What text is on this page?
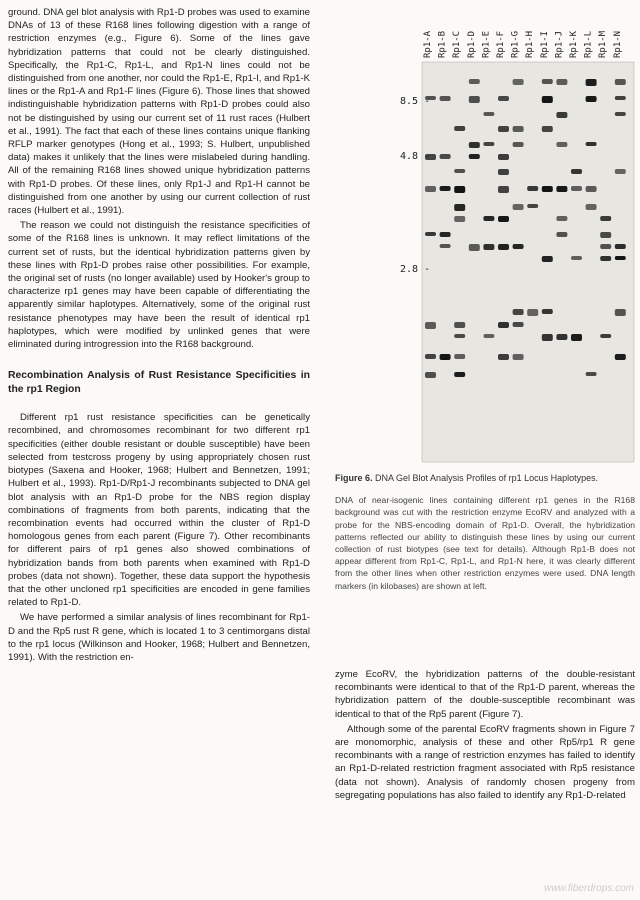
ground. DNA gel blot analysis with Rp1-D probes was used to examine DNAs of 13 of these R168 lines following digestion with a range of restriction enzymes (e.g., Figure 6). Some of the lines gave hybridization patterns that could not be clearly distinguished. Specifically, the Rp1-C, Rp1-L, and Rp1-N lines could not be distinguished from one another, nor could the Rp1-E, Rp1-I, and Rp1-K lines or the Rp1-A and Rp1-F lines (Figure 6). Those lines that showed indistinguishable hybridization patterns with Rp1-D probes could also not be distinguished by using our current set of 11 rust races (Hulbert et al., 1991). The fact that each of these lines contains unique flanking RFLP marker genotypes (Hong et al., 1993; S. Hulbert, unpublished data) makes it unlikely that the lines were mislabeled during handling. All of the remaining R168 lines showed unique hybridization patterns with Rp1-D probes. Of these lines, only Rp1-J and Rp1-H cannot be distinguished from one another by using our current collection of rust races (Hulbert et al., 1991).

The reason we could not distinguish the resistance specificities of some of the R168 lines is unknown. It may reflect limitations of the current set of rusts, but the identical hybridization patterns given by these lines with Rp1-D probes raise other possibilities. For example, the original set of rusts (no longer available) used by Hooker's group to characterize rp1 genes may have been capable of differentiating the apparently similar haplotypes. Alternatively, some of the original rust resistance phenotypes may have been the result of identical rp1 haplotypes, which were modified by unlinked genes that were eliminated during introgression into the R168 background.

Recombination Analysis of Rust Resistance Specificities in the rp1 Region

Different rp1 rust resistance specificities can be genetically recombined, and chromosomes recombinant for two different rp1 specificities (either double resistant or double susceptible) have been selected from testcross progeny by using appropriately chosen rust biotypes (Saxena and Hooker, 1968; Hulbert and Bennetzen, 1991; Hulbert et al., 1993). Rp1-D/Rp1-J recombinants subjected to DNA gel blot analysis with an Rp1-D probe for the NBS region display combinations of fragments from both parents, indicating that the recombination events had occurred within the cluster of Rp1-D homologous genes from each parent (Figure 7). Other recombinants for different pairs of rp1 genes also showed combinations of hybridization bands from both parents when examined with Rp1-D probes (data not shown). Together, these data support the hypothesis that the other uncloned rp1 specificities are encoded in gene families related to Rp1-D.

We have performed a similar analysis of lines recombinant for Rp1-D and the Rp5 rust R gene, which is located 1 to 3 centimorgans distal to the rp1 locus (Wilkinson and Hooker, 1968; Hulbert and Bennetzen, 1991). With the restriction en-

Rp1-A Rp1-B Rp1-C Rp1-D Rp1-E Rp1-F Rp1-G Rp1-H Rp1-I Rp1-J Rp1-K Rp1-L Rp1-M Rp1-N
8.5 -
4.8 -
2.8 -
Figure 6. DNA Gel Blot Analysis Profiles of rp1 Locus Haplotypes.
DNA of near-isogenic lines containing different rp1 genes in the R168 background was cut with the restriction enzyme EcoRV and analyzed with a probe for the NBS-encoding domain of Rp1-D. Overall, the hybridization patterns reflected our ability to distinguish these lines by using our current collection of rust biotypes (see text for details). Although Rp1-B does not appear different from Rp1-C, Rp1-L, and Rp1-N here, it was clearly different from the other lines when other restriction enzymes were used. DNA length markers (in kilobases) are shown at left.

zyme EcoRV, the hybridization patterns of the double-resistant recombinants were identical to that of the Rp1-D parent, whereas the hybridization pattern of the double-susceptible recombinant was identical to that of the Rp5 parent (Figure 7).

Although some of the parental EcoRV fragments shown in Figure 7 are monomorphic, analysis of these and other Rp5/rp1 R gene recombinants with a range of restriction enzymes has failed to identify an Rp1-D-related restriction fragment associated with Rp5 resistance (data not shown). Analysis of randomly chosen progeny from segregating populations has also failed to identify any Rp1-D-related

www.fiberdrops.com
